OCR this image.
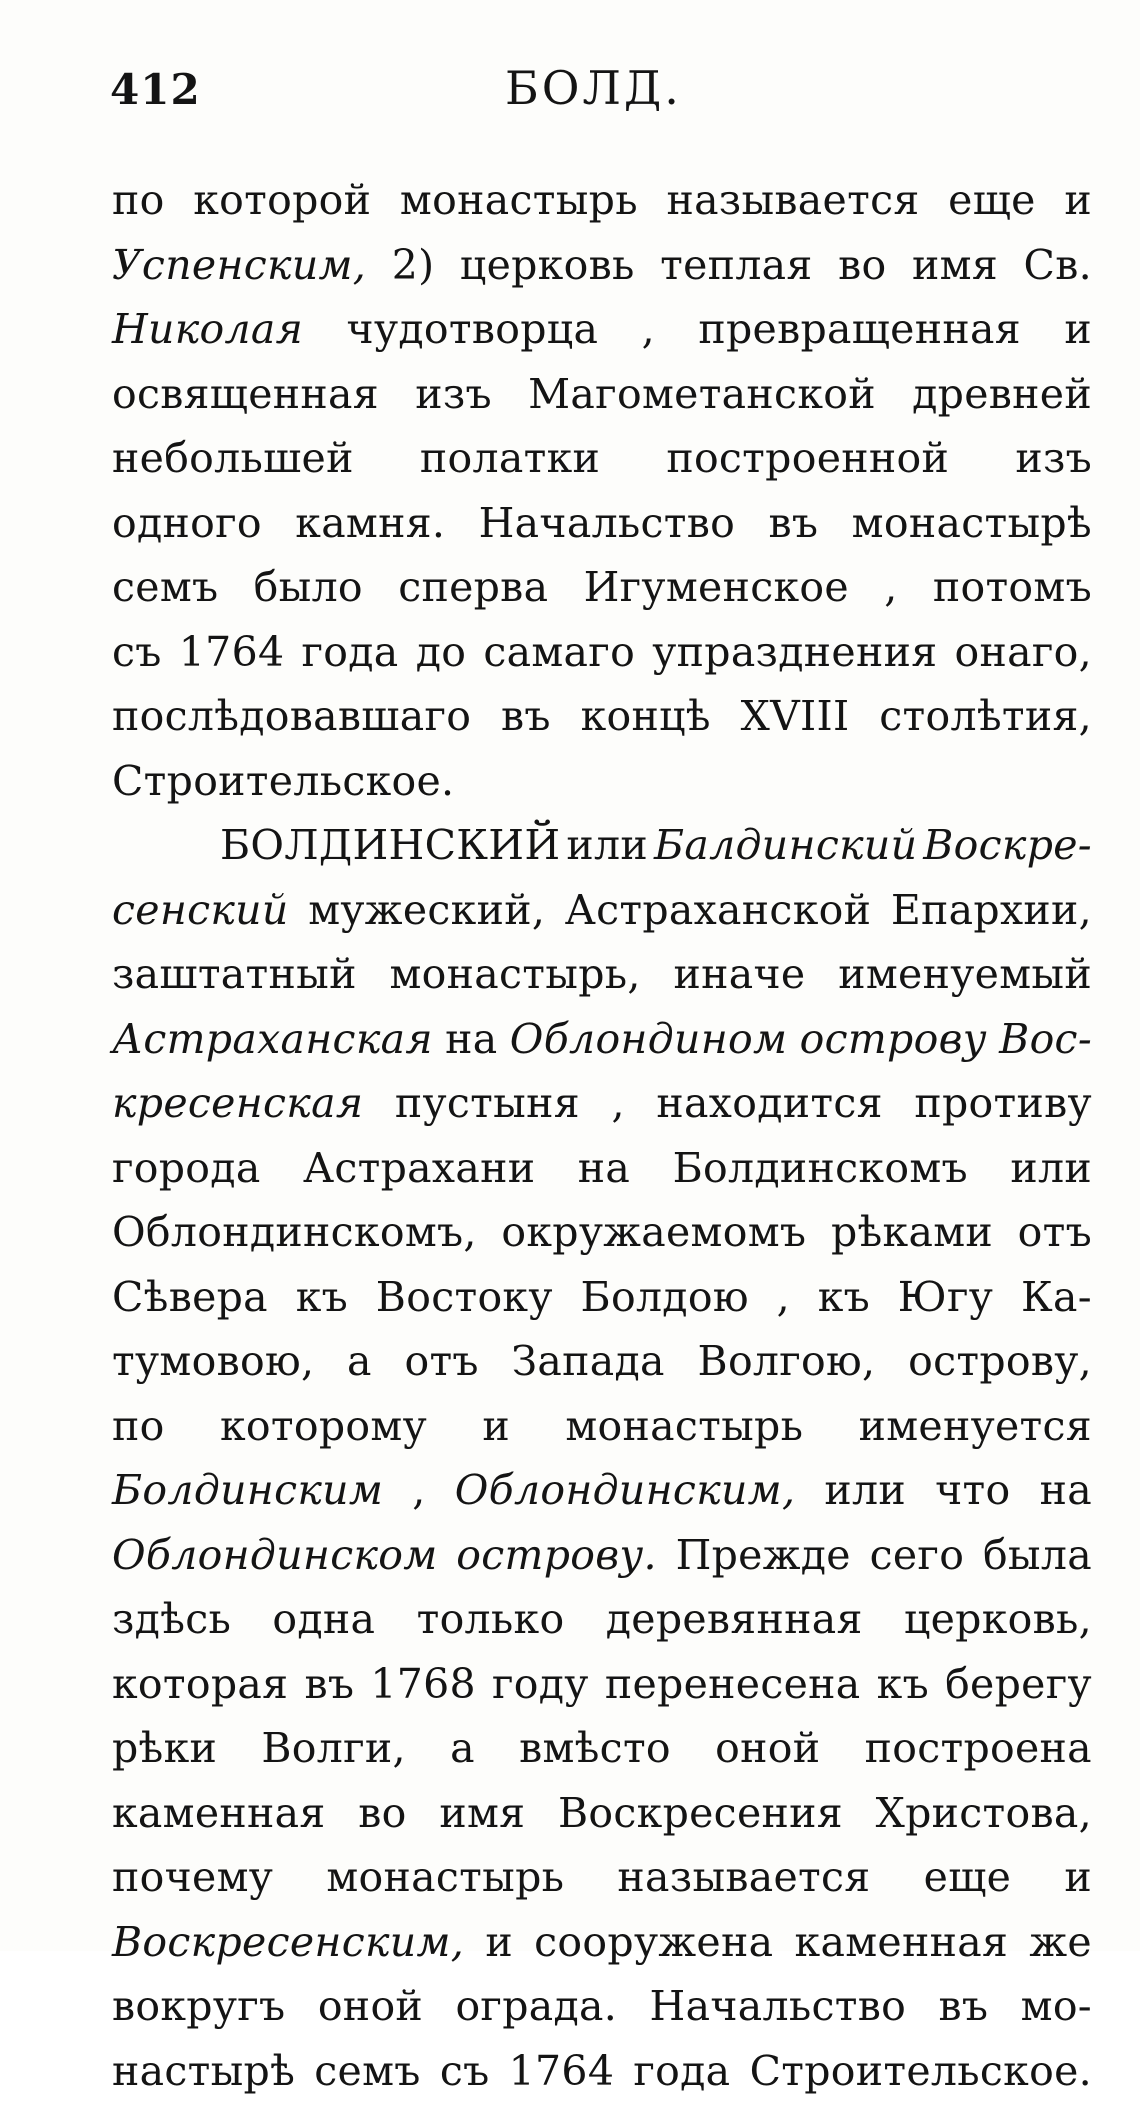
412	БОЛД.
по которой монастырь называется еще и
Успенским, 2) церковь теплая во имя Св.
Николая чудотворца , превращенная и
освященная изъ Магометанской древней
небольшей полатки построенной изъ
одного камня. Начальство въ монастырѣ
семъ было сперва Игуменское , потомъ
съ 1764 года до самаго упразднения онаго,
послѣдовавшаго въ концѣ XVIII столѣтия,
Строительское.
БОЛДИНСКИЙ или Балдинский Воскре-
сенский мужеский, Астраханской Епархии,
заштатный монастырь, иначе именуемый
Астраханская на Облондином острову Вос-
кресенская пустыня , находится противу
города Астрахани на Болдинскомъ или
Облондинскомъ, окружаемомъ рѣками отъ
Сѣвера къ Востоку Болдою , къ Югу Ка-
тумовою, а отъ Запада Волгою, острову,
по которому и монастырь именуется
Болдинским , Облондинским, или что на
Облондинском острову. Прежде сего была
здѣсь одна только деревянная церковь,
которая въ 1768 году перенесена къ берегу
рѣки Волги, а вмѣсто оной построена
каменная во имя Воскресения Христова,
почему монастырь называется еще и
Воскресенским, и сооружена каменная же
вокругъ оной ограда. Начальство въ мо-
настырѣ семъ съ 1764 года Строительское.
